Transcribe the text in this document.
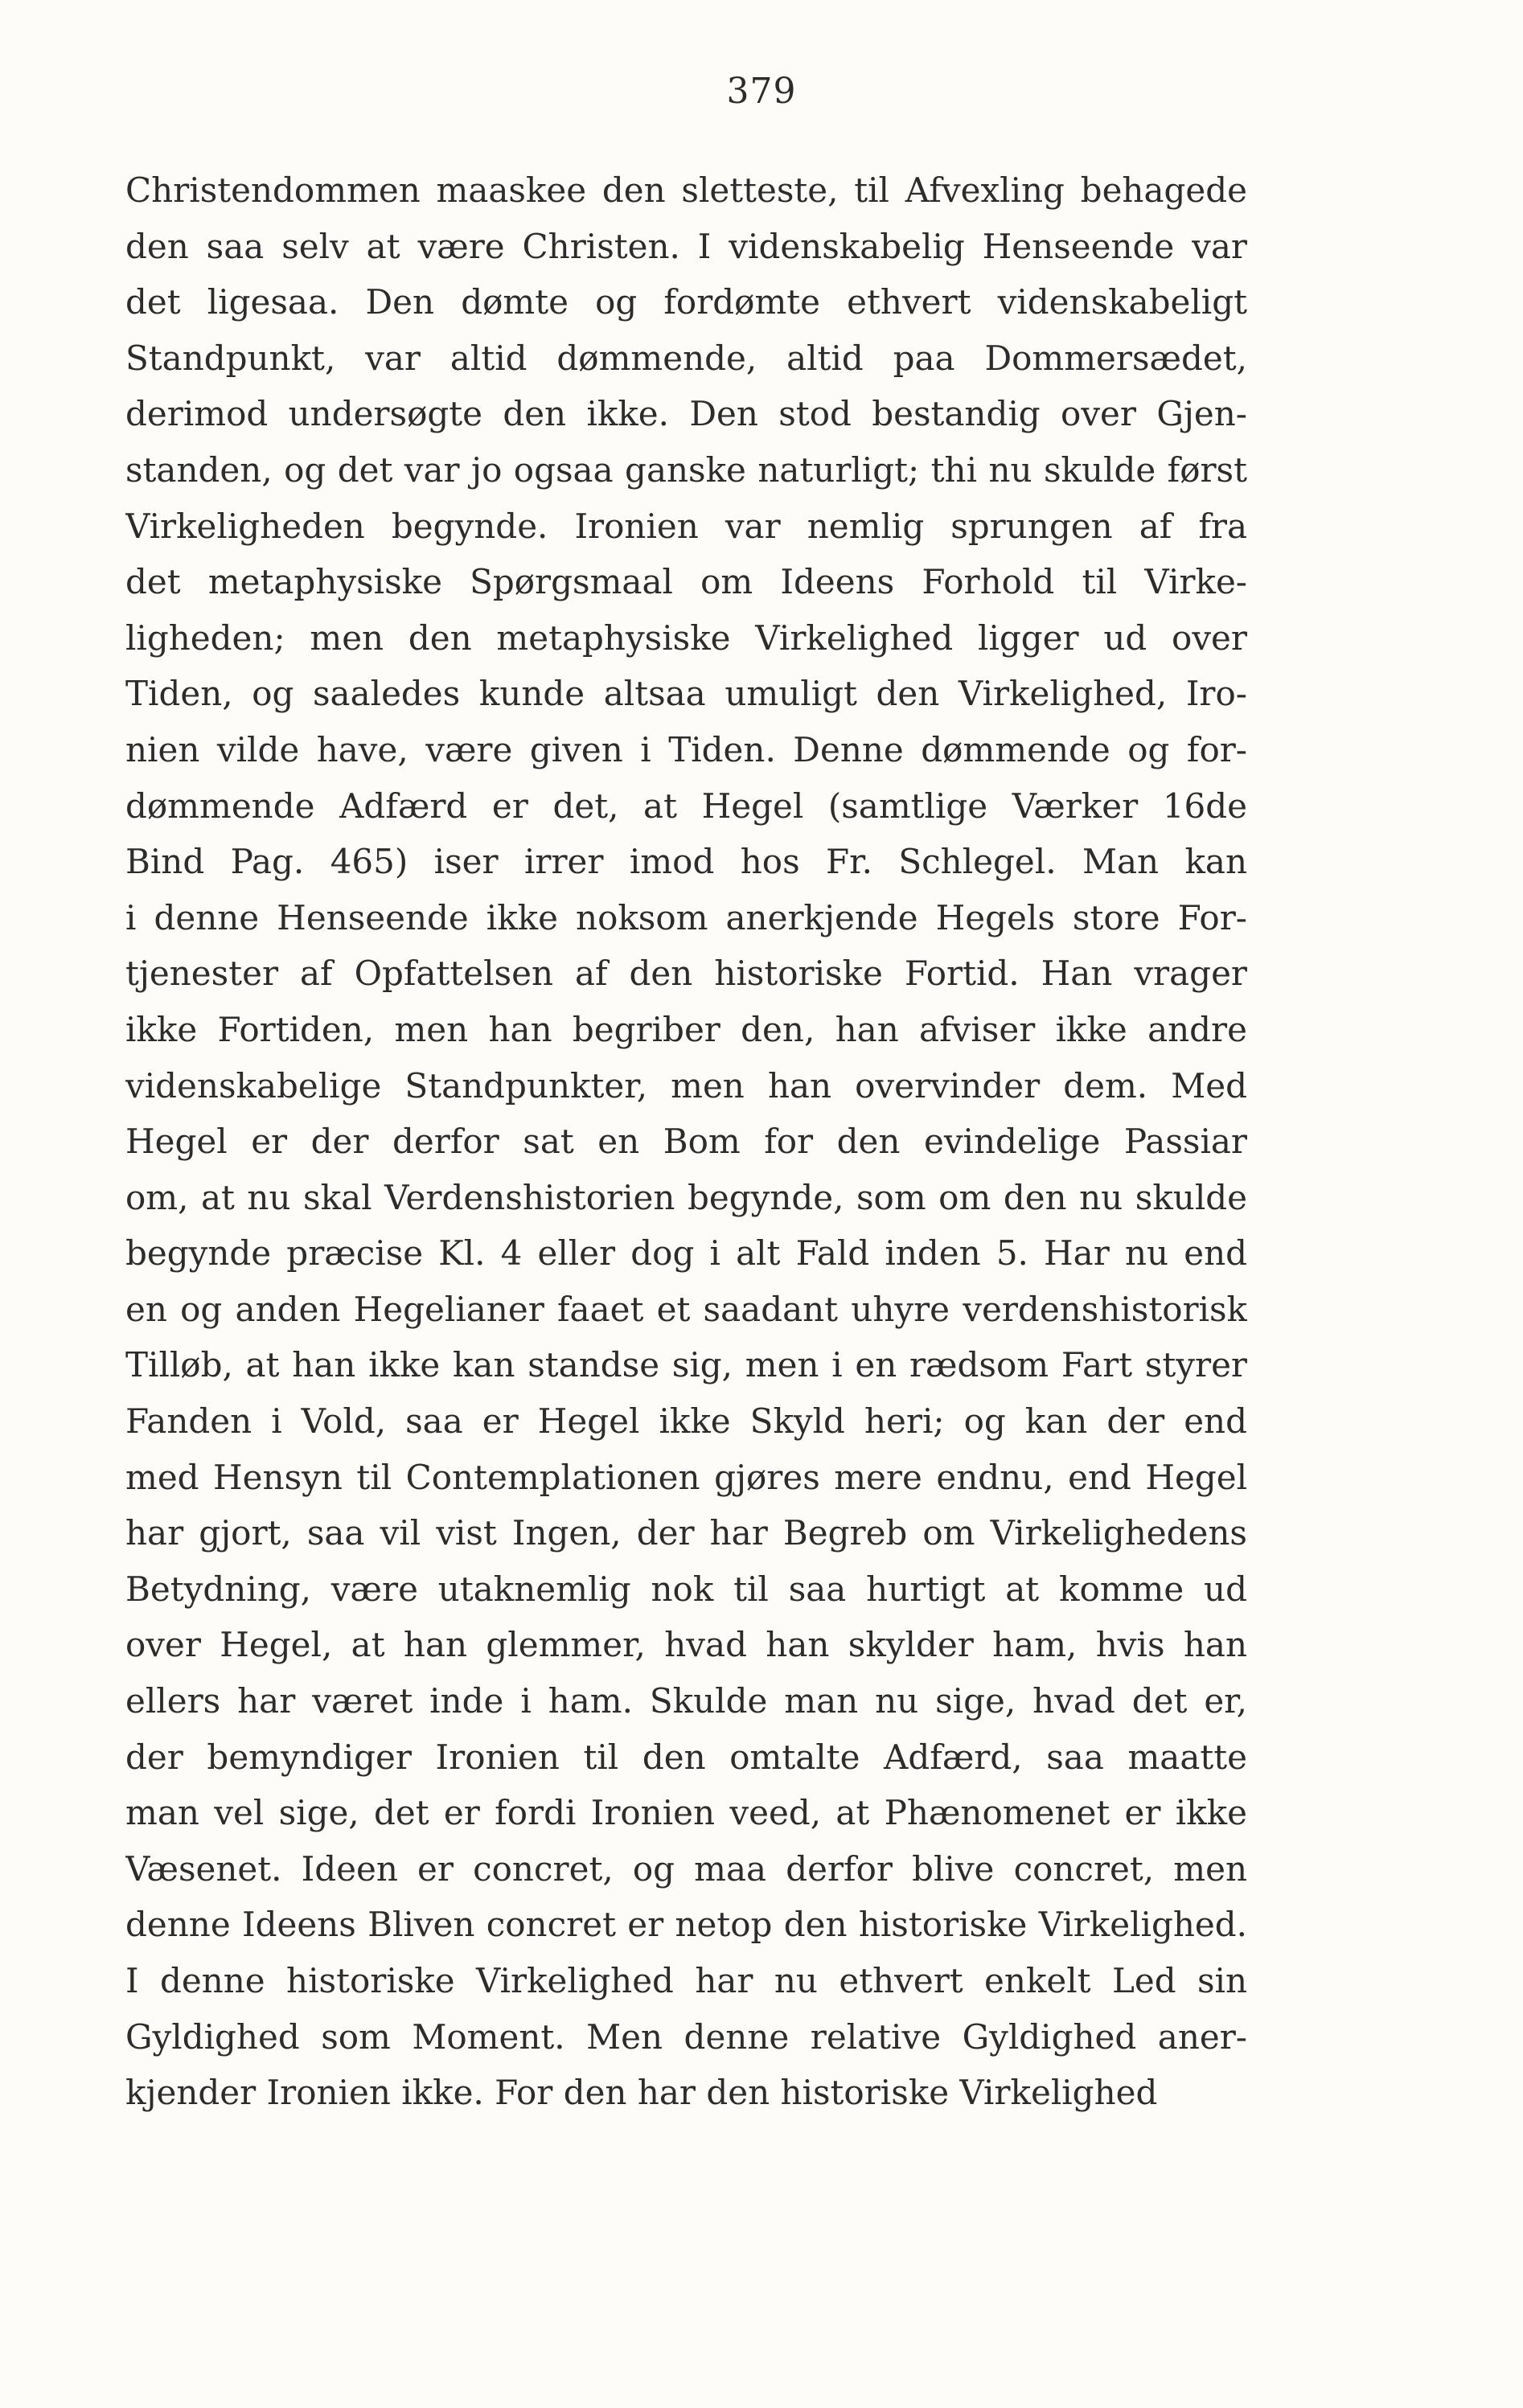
379
Christendommen maaskee den sletteste, til Afvexling behagede
den saa selv at være Christen. I videnskabelig Henseende var
det ligesaa. Den dømte og fordømte ethvert videnskabeligt
Standpunkt, var altid dømmende, altid paa Dommersædet,
derimod undersøgte den ikke. Den stod bestandig over Gjen-
standen, og det var jo ogsaa ganske naturligt; thi nu skulde først
Virkeligheden begynde. Ironien var nemlig sprungen af fra
det metaphysiske Spørgsmaal om Ideens Forhold til Virke-
ligheden; men den metaphysiske Virkelighed ligger ud over
Tiden, og saaledes kunde altsaa umuligt den Virkelighed, Iro-
nien vilde have, være given i Tiden. Denne dømmende og for-
dømmende Adfærd er det, at Hegel (samtlige Værker 16de
Bind Pag. 465) iser irrer imod hos Fr. Schlegel. Man kan
i denne Henseende ikke noksom anerkjende Hegels store For-
tjenester af Opfattelsen af den historiske Fortid. Han vrager
ikke Fortiden, men han begriber den, han afviser ikke andre
videnskabelige Standpunkter, men han overvinder dem. Med
Hegel er der derfor sat en Bom for den evindelige Passiar
om, at nu skal Verdenshistorien begynde, som om den nu skulde
begynde præcise Kl. 4 eller dog i alt Fald inden 5. Har nu end
en og anden Hegelianer faaet et saadant uhyre verdenshistorisk
Tilløb, at han ikke kan standse sig, men i en rædsom Fart styrer
Fanden i Vold, saa er Hegel ikke Skyld heri; og kan der end
med Hensyn til Contemplationen gjøres mere endnu, end Hegel
har gjort, saa vil vist Ingen, der har Begreb om Virkelighedens
Betydning, være utaknemlig nok til saa hurtigt at komme ud
over Hegel, at han glemmer, hvad han skylder ham, hvis han
ellers har været inde i ham. Skulde man nu sige, hvad det er,
der bemyndiger Ironien til den omtalte Adfærd, saa maatte
man vel sige, det er fordi Ironien veed, at Phænomenet er ikke
Væsenet. Ideen er concret, og maa derfor blive concret, men
denne Ideens Bliven concret er netop den historiske Virkelighed.
I denne historiske Virkelighed har nu ethvert enkelt Led sin
Gyldighed som Moment. Men denne relative Gyldighed aner-
kjender Ironien ikke. For den har den historiske Virkelighed
